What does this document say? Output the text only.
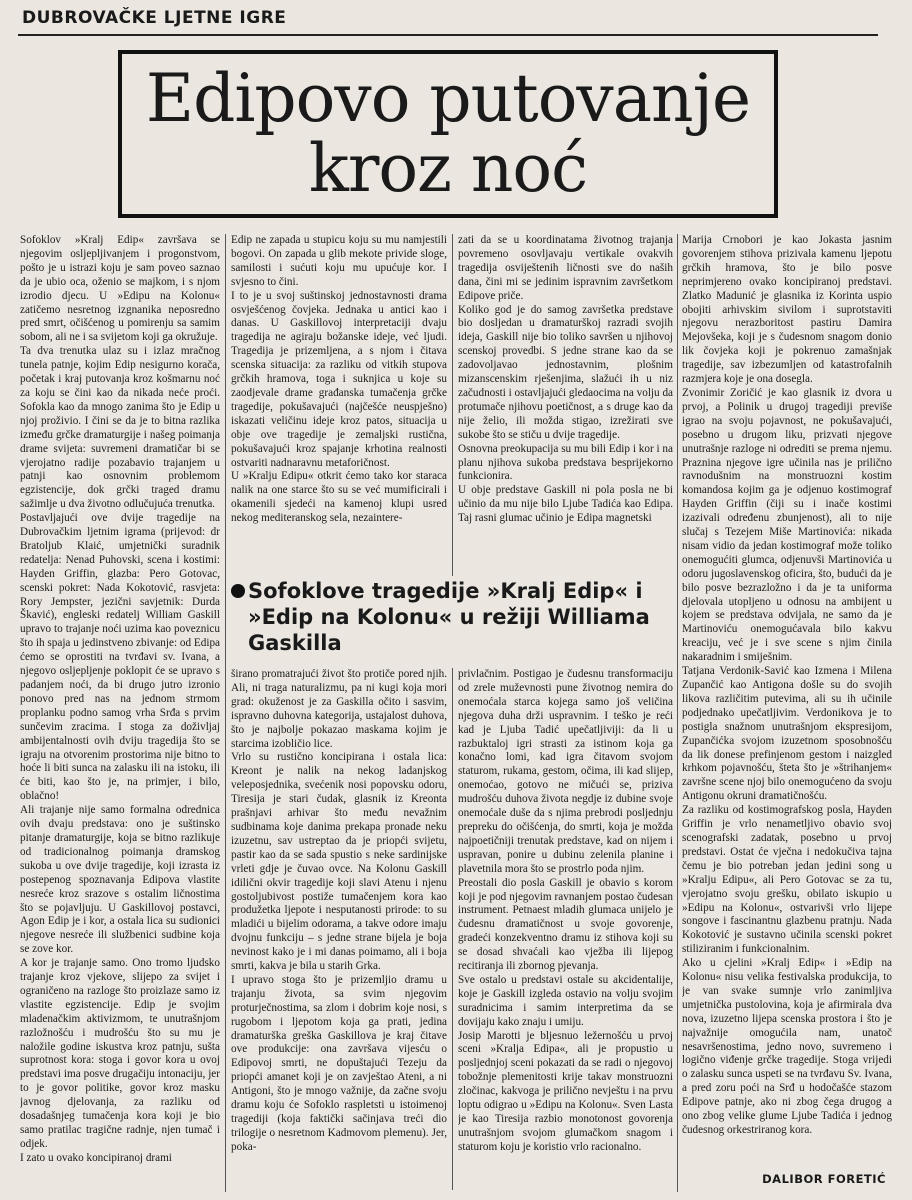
DUBROVAČKE LJETNE IGRE
Edipovo putovanje
kroz noć
Sofoklov »Kralj Edip« završava se njegovim osljepljivanjem i progonstvom, pošto je u istrazi koju je sam poveo saznao da je ubio oca, oženio se majkom, i s njom izrodio djecu. U »Edipu na Kolonu« zatičemo nesretnog izgnanika neposredno pred smrt, očišćenog u pomirenju sa samim sobom, ali ne i sa svijetom koji ga okružuje.
Ta dva trenutka ulaz su i izlaz mračnog tunela patnje, kojim Edip nesigurno korača, početak i kraj putovanja kroz košmarnu noć za koju se čini kao da nikada neće proći. Sofokla kao da mnogo zanima što je Edip u njoj proživio. I čini se da je to bitna razlika između grčke dramaturgije i našeg poimanja drame svijeta: suvremeni dramatičar bi se vjerojatno radije pozabavio trajanjem u patnji kao osnovnim problemom egzistencije, dok grčki traged dramu sažimlje u dva životno odlučujuća trenutka.
Postavljajući ove dvije tragedije na Dubrovačkim ljetnim igrama (prijevod: dr Bratoljub Klaić, umjetnički suradnik redatelja: Nenad Puhovski, scena i kostimi: Hayden Griffin, glazba: Pero Gotovac, scenski pokret: Nada Kokotović, rasvjeta: Rory Jempster, jezični savjetnik: Durda Škavić), engleski redatelj William Gaskill upravo to trajanje noći uzima kao poveznicu što ih spaja u jedinstveno zbivanje: od Edipa ćemo se oprostiti na tvrđavi sv. Ivana, a njegovo osljepljenje poklopit će se upravo s padanjem noći, da bi drugo jutro izronio ponovo pred nas na jednom strmom proplanku podno samog vrha Srđa s prvim sunčevim zracima. I stoga za doživljaj ambijentalnosti ovih dviju tragedija što se igraju na otvorenim prostorima nije bitno to hoće li biti sunca na zalasku ili na istoku, ili će biti, kao što je, na primjer, i bilo, oblačno!
Ali trajanje nije samo formalna odrednica ovih dvaju predstava: ono je suštinsko pitanje dramaturgije, koja se bitno razlikuje od tradicionalnog poimanja dramskog sukoba u ove dvije tragedije, koji izrasta iz postepenog spoznavanja Edipova vlastite nesreće kroz srazove s ostalim ličnostima što se pojavljuju. U Gaskillovoj postavci, Agon Edip je i kor, a ostala lica su sudionici njegove nesreće ili službenici sudbine koja se zove kor.
A kor je trajanje samo. Ono tromo ljudsko trajanje kroz vjekove, slijepo za svijet i ograničeno na razloge što proizlaze samo iz vlastite egzistencije. Edip je svojim mladenačkim aktivizmom, te unutrašnjom razložnošću i mudrošću što su mu je naložile godine iskustva kroz patnju, sušta suprotnost kora: stoga i govor kora u ovoj predstavi ima posve drugačiju intonaciju, jer to je govor politike, govor kroz masku javnog djelovanja, za razliku od dosadašnjeg tumačenja kora koji je bio samo pratilac tragične radnje, njen tumač i odjek.
I zato u ovako koncipiranoj drami
Edip ne zapada u stupicu koju su mu namjestili bogovi. On zapada u glib mekote privide sloge, samilosti i sućuti koju mu upućuje kor. I svjesno to čini.
I to je u svoj suštinskoj jednostavnosti drama osvješćenog čovjeka. Jednaka u antici kao i danas. U Gaskillovoj interpretaciji dvaju tragedija ne agiraju božanske ideje, već ljudi. Tragedija je prizemljena, a s njom i čitava scenska situacija: za razliku od vitkih stupova grčkih hramova, toga i suknjica u koje su zaodjevale drame građanska tumačenja grčke tragedije, pokušavajući (najčešće neuspješno) iskazati veličinu ideje kroz patos, situacija u obje ove tragedije je zemaljski rustična, pokušavajući kroz spajanje krhotina realnosti ostvariti nadnaravnu metaforičnost.
U »Kralju Edipu« otkrit ćemo tako kor staraca nalik na one starce što su se već mumificirali i okamenili sjedeći na kamenoj klupi usred nekog mediteranskog sela, nezaintere-
zati da se u koordinatama životnog trajanja povremeno osovljavaju vertikale ovakvih tragedija osviještenih ličnosti sve do naših dana, čini mi se jedinim ispravnim završetkom Edipove priče.
Koliko god je do samog završetka predstave bio dosljedan u dramaturškoj razradi svojih ideja, Gaskill nije bio toliko savršen u njihovoj scenskoj provedbi. S jedne strane kao da se zadovoljavao jednostavnim, plošnim mizanscenskim rješenjima, slažući ih u niz začudnosti i ostavljajući gledaocima na volju da protumače njihovu poetičnost, a s druge kao da nije želio, ili možda stigao, izrežirati sve sukobe što se stiču u dvije tragedije.
Osnovna preokupacija su mu bili Edip i kor i na planu njihova sukoba predstava besprijekorno funkcionira.
U obje predstave Gaskill ni pola posla ne bi učinio da mu nije bilo Ljube Tadića kao Edipa. Taj rasni glumac učinio je Edipa magnetski
Sofoklove tragedije »Kralj Edip« i
»Edip na Kolonu« u režiji Williama
Gaskilla
širano promatrajući život što protiče pored njih. Ali, ni traga naturalizmu, pa ni kugi koja mori grad: okuženost je za Gaskilla očito i sasvim, ispravno duhovna kategorija, ustajalost duhova, što je najbolje pokazao maskama kojim je starcima izobličio lice.
Vrlo su rustično koncipirana i ostala lica: Kreont je nalik na nekog ladanjskog veleposjednika, svećenik nosi popovsku odoru, Tiresija je stari čudak, glasnik iz Kreonta prašnjavi arhivar što među nevažnim sudbinama koje danima prekapa pronade neku izuzetnu, sav ustreptao da je priopći svijetu, pastir kao da se sada spustio s neke sardinijske vrleti gdje je čuvao ovce. Na Kolonu Gaskill idilični okvir tragedije koji slavi Atenu i njenu gostoljubivost postiže tumačenjem kora kao produžetka ljepote i nesputanosti prirode: to su mladići u bijelim odorama, a takve odore imaju dvojnu funkciju – s jedne strane bijela je boja nevinost kako je i mi danas poimamo, ali i boja smrti, kakva je bila u starih Grka.
I upravo stoga što je prizemljio dramu u trajanju života, sa svim njegovim proturječnostima, sa zlom i dobrim koje nosi, s rugobom i ljepotom koja ga prati, jedina dramaturška greška Gaskillova je kraj čitave ove produkcije: ona završava vijesću o Edipovoj smrti, ne dopuštajući Tezeju da priopći amanet koji je on zavještao Ateni, a ni Antigoni, što je mnogo važnije, da začne svoju dramu koju će Sofoklo raspletsti u istoimenoj tragediji (koja faktički sačinjava treći dio trilogije o nesretnom Kadmovom plemenu). Jer, poka-
privlačnim. Postigao je čudesnu transformaciju od zrele muževnosti pune životnog nemira do onemoćala starca kojega samo još veličina njegova duha drži uspravnim. I teško je reći kad je Ljuba Tadić upečatljiviji: da li u razbuktaloj igri strasti za istinom koja ga konačno lomi, kad igra čitavom svojom staturom, rukama, gestom, očima, ili kad slijep, onemoćao, gotovo ne mičući se, priziva mudrošću duhova života negdje iz dubine svoje onemoćale duše da s njima prebrodi posljednju prepreku do očišćenja, do smrti, koja je možda najpoetičniji trenutak predstave, kad on nijem i uspravan, ponire u dubinu zelenila planine i plavetnila mora što se prostrlo poda njim.
Preostali dio posla Gaskill je obavio s korom koji je pod njegovim ravnanjem postao čudesan instrument. Petnaest mladih glumaca unijelo je čudesnu dramatičnost u svoje govorenje, gradeći konzekventno dramu iz stihova koji su se dosad shvaćali kao vježba ili lijepog recitiranja ili zbornog pjevanja.
Sve ostalo u predstavi ostale su akcidentalije, koje je Gaskill izgleda ostavio na volju svojim suradnicima i samim interpretima da se dovijaju kako znaju i umiju.
Josip Marotti je bljesnuo ležernošću u prvoj sceni »Kralja Edipa«, ali je propustio u posljednjoj sceni pokazati da se radi o njegovoj tobožnje plemenitosti krije takav monstruozni zločinac, kakvoga je prilično nevještu i na prvu loptu odigrao u »Edipu na Kolonu«. Sven Lasta je kao Tiresija razbio monotonost govorenja unutrašnjom svojom glumačkom snagom i staturom koju je koristio vrlo racionalno.
Marija Crnobori je kao Jokasta jasnim govorenjem stihova prizivala kamenu ljepotu grčkih hramova, što je bilo posve neprimjereno ovako koncipiranoj predstavi. Zlatko Madunić je glasnika iz Korinta uspio obojiti arhivskim sivilom i suprotstaviti njegovu nerazboritost pastiru Damira Mejovšeka, koji je s čudesnom snagom donio lik čovjeka koji je pokrenuo zamašnjak tragedije, sav izbezumljen od katastrofalnih razmjera koje je ona dosegla.
Zvonimir Zoričić je kao glasnik iz dvora u prvoj, a Polinik u drugoj tragediji previše igrao na svoju pojavnost, ne pokušavajući, posebno u drugom liku, prizvati njegove unutrašnje razloge ni odrediti se prema njemu. Praznina njegove igre učinila nas je prilično ravnodušnim na monstruozni kostim komandosa kojim ga je odjenuo kostimograf Hayden Griffin (čiji su i inače kostimi izazivali određenu zbunjenost), ali to nije slučaj s Tezejem Miše Martinovića: nikada nisam vidio da jedan kostimograf može toliko onemogućiti glumca, odjenuvši Martinovića u odoru jugoslavenskog oficira, što, budući da je bilo posve bezrazložno i da je ta uniforma djelovala utopljeno u odnosu na ambijent u kojem se predstava odvijala, ne samo da je Martinoviću onemogućavala bilo kakvu kreaciju, već je i sve scene s njim činila nakaradnim i smiješnim.
Tatjana Verdonik-Savić kao Izmena i Milena Zupančić kao Antigona došle su do svojih likova različitim putevima, ali su ih učinile podjednako upečatljivim. Verdonikova je to postigla snažnom unutrašnjom ekspresijom, Zupančićka svojom izuzetnom sposobnošću da lik donese prefinjenom gestom i naizgled krhkom pojavnošću, šteta što je »štrihanjem« završne scene njoj bilo onemogućeno da svoju Antigonu okruni dramatičnošću.
Za razliku od kostimografskog posla, Hayden Griffin je vrlo nenametljivo obavio svoj scenografski zadatak, posebno u prvoj predstavi. Ostat će vječna i nedokučiva tajna čemu je bio potreban jedan jedini song u »Kralju Edipu«, ali Pero Gotovac se za tu, vjerojatno svoju grešku, obilato iskupio u »Edipu na Kolonu«, ostvarivši vrlo lijepe songove i fascinantnu glazbenu pratnju. Nada Kokotović je sustavno učinila scenski pokret stiliziranim i funkcionalnim.
Ako u cjelini »Kralj Edip« i »Edip na Kolonu« nisu velika festivalska produkcija, to je van svake sumnje vrlo zanimljiva umjetnička pustolovina, koja je afirmirala dva nova, izuzetno lijepa scenska prostora i što je najvažnije omogućila nam, unatoč nesavršenostima, jedno novo, suvremeno i logično viđenje grčke tragedije. Stoga vrijedi o zalasku sunca uspeti se na tvrđavu Sv. Ivana, a pred zoru poći na Srđ u hodočašće stazom Edipove patnje, ako ni zbog čega drugog a ono zbog velike glume Ljube Tadića i jednog čudesnog orkestriranog kora.
DALIBOR FORETIĆ
